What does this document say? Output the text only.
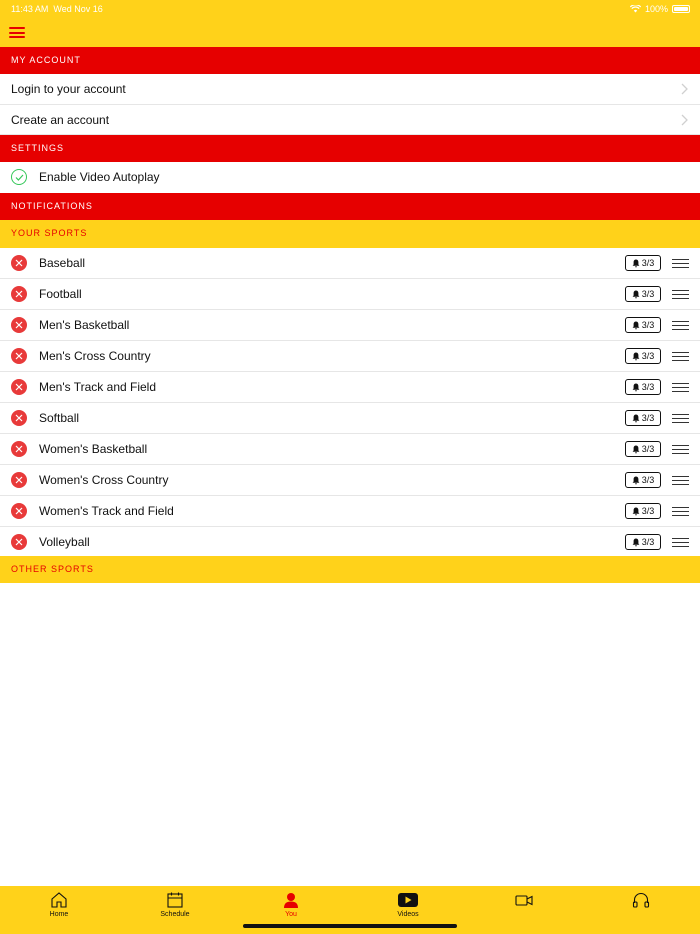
11:43 AM Wed Nov 16	100%
MY ACCOUNT
Login to your account
Create an account
SETTINGS
Enable Video Autoplay
NOTIFICATIONS
YOUR SPORTS
Baseball	3/3
Football	3/3
Men's Basketball	3/3
Men's Cross Country	3/3
Men's Track and Field	3/3
Softball	3/3
Women's Basketball	3/3
Women's Cross Country	3/3
Women's Track and Field	3/3
Volleyball	3/3
OTHER SPORTS
Home	Schedule	You	Videos
